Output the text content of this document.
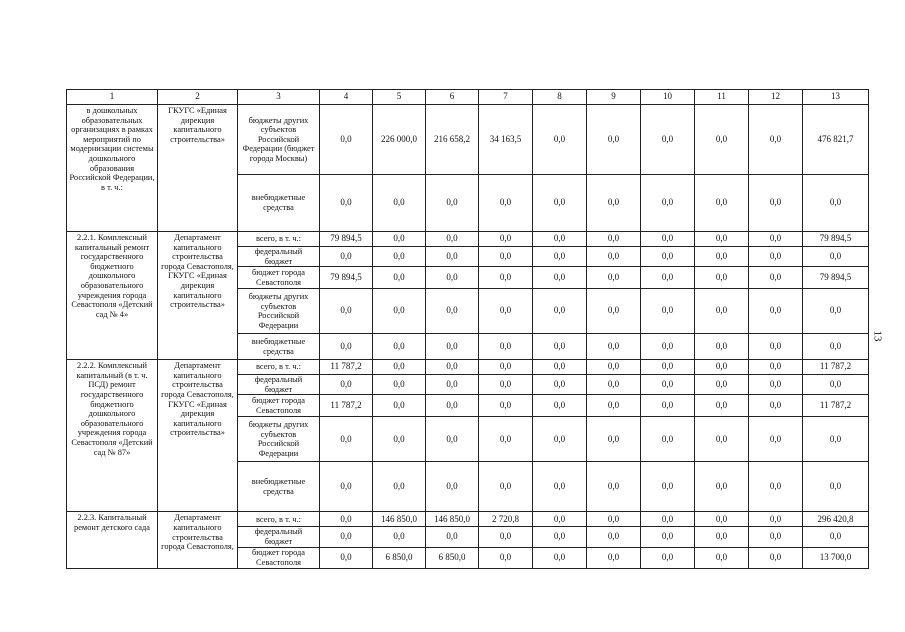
1	2	3	4	5	6	7	8	9	10	11	12	13
в дошкольных образовательных организациях в рамках мероприятий по модернизации системы дошкольного образования Российской Федерации, в т. ч.:	ГКУГС «Единая дирекция капитального строительства»	бюджеты других субъектов Российской Федерации (бюджет города Москвы)	0,0	226 000,0	216 658,2	34 163,5	0,0	0,0	0,0	0,0	0,0	476 821,7
		внебюджетные средства	0,0	0,0	0,0	0,0	0,0	0,0	0,0	0,0	0,0	0,0
2.2.1. Комплексный капитальный ремонт государственного бюджетного дошкольного образовательного учреждения города Севастополя «Детский сад № 4»	Департамент капитального строительства города Севастополя, ГКУГС «Единая дирекция капитального строительства»	всего, в т. ч.:	79 894,5	0,0	0,0	0,0	0,0	0,0	0,0	0,0	0,0	79 894,5
		федеральный бюджет	0,0	0,0	0,0	0,0	0,0	0,0	0,0	0,0	0,0	0,0
		бюджет города Севастополя	79 894,5	0,0	0,0	0,0	0,0	0,0	0,0	0,0	0,0	79 894,5
		бюджеты других субъектов Российской Федерации	0,0	0,0	0,0	0,0	0,0	0,0	0,0	0,0	0,0	0,0
		внебюджетные средства	0,0	0,0	0,0	0,0	0,0	0,0	0,0	0,0	0,0	0,0
2.2.2. Комплексный капитальный (в т. ч. ПСД) ремонт государственного бюджетного дошкольного образовательного учреждения города Севастополя «Детский сад № 87»	Департамент капитального строительства города Севастополя, ГКУГС «Единая дирекция капитального строительства»	всего, в т. ч.:	11 787,2	0,0	0,0	0,0	0,0	0,0	0,0	0,0	0,0	11 787,2
		федеральный бюджет	0,0	0,0	0,0	0,0	0,0	0,0	0,0	0,0	0,0	0,0
		бюджет города Севастополя	11 787,2	0,0	0,0	0,0	0,0	0,0	0,0	0,0	0,0	11 787,2
		бюджеты других субъектов Российской Федерации	0,0	0,0	0,0	0,0	0,0	0,0	0,0	0,0	0,0	0,0
		внебюджетные средства	0,0	0,0	0,0	0,0	0,0	0,0	0,0	0,0	0,0	0,0
2.2.3. Капитальный ремонт детского сада	Департамент капитального строительства города Севастополя,	всего, в т. ч.:	0,0	146 850,0	146 850,0	2 720,8	0,0	0,0	0,0	0,0	0,0	296 420,8
		федеральный бюджет	0,0	0,0	0,0	0,0	0,0	0,0	0,0	0,0	0,0	0,0
		бюджет города Севастополя	0,0	6 850,0	6 850,0	0,0	0,0	0,0	0,0	0,0	0,0	13 700,0
13
